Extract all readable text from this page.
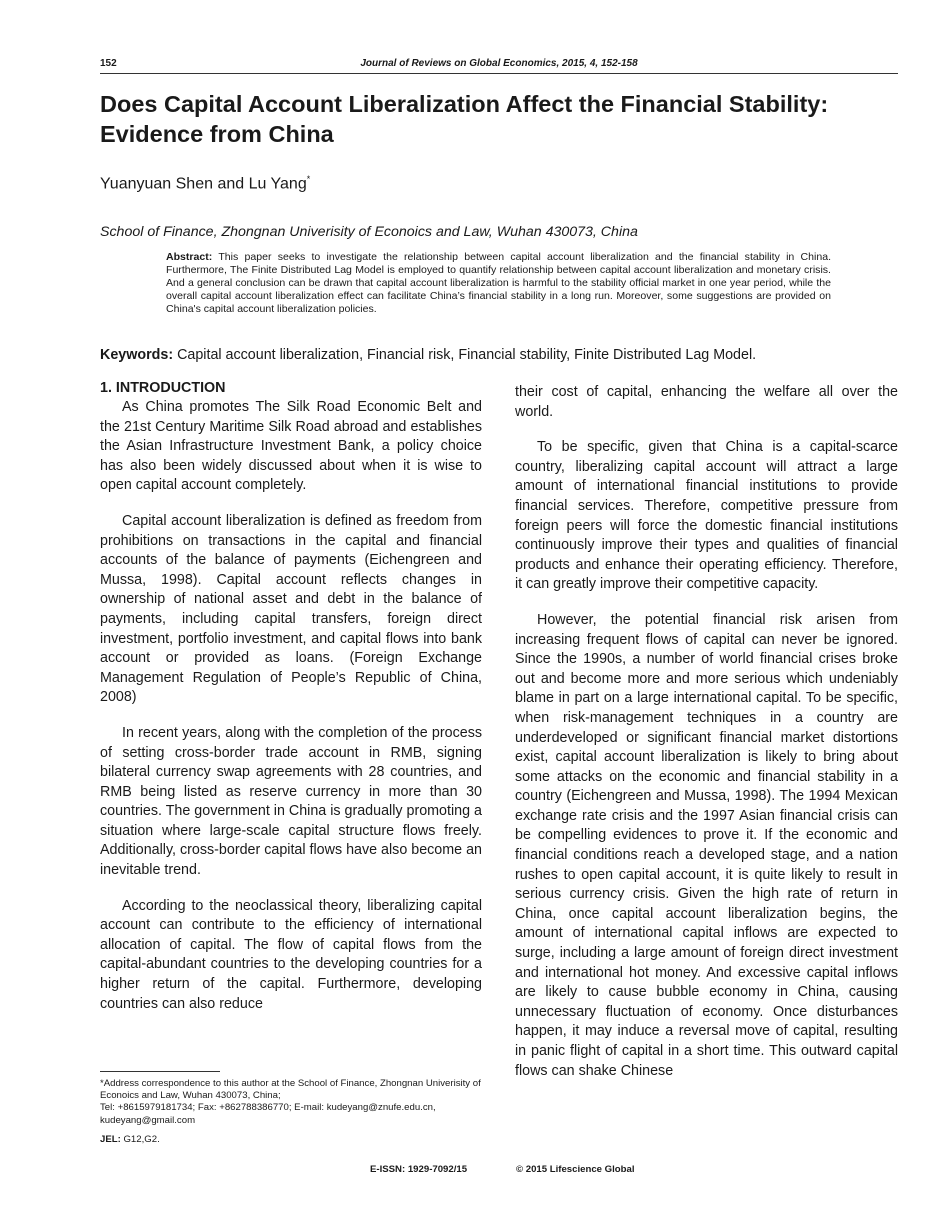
152	Journal of Reviews on Global Economics, 2015, 4, 152-158
Does Capital Account Liberalization Affect the Financial Stability: Evidence from China
Yuanyuan Shen and Lu Yang*
School of Finance, Zhongnan Univerisity of Econoics and Law, Wuhan 430073, China
Abstract: This paper seeks to investigate the relationship between capital account liberalization and the financial stability in China. Furthermore, The Finite Distributed Lag Model is employed to quantify relationship between capital account liberalization and monetary crisis. And a general conclusion can be drawn that capital account liberalization is harmful to the stability official market in one year period, while the overall capital account liberalization effect can facilitate China’s financial stability in a long run. Moreover, some suggestions are provided on China's capital account liberalization policies.
Keywords: Capital account liberalization, Financial risk, Financial stability, Finite Distributed Lag Model.
1. INTRODUCTION

As China promotes The Silk Road Economic Belt and the 21st Century Maritime Silk Road abroad and establishes the Asian Infrastructure Investment Bank, a policy choice has also been widely discussed about when it is wise to open capital account completely.

Capital account liberalization is defined as freedom from prohibitions on transactions in the capital and financial accounts of the balance of payments (Eichengreen and Mussa, 1998). Capital account reflects changes in ownership of national asset and debt in the balance of payments, including capital transfers, foreign direct investment, portfolio investment, and capital flows into bank account or provided as loans. (Foreign Exchange Management Regulation of People’s Republic of China, 2008)

In recent years, along with the completion of the process of setting cross-border trade account in RMB, signing bilateral currency swap agreements with 28 countries, and RMB being listed as reserve currency in more than 30 countries. The government in China is gradually promoting a situation where large-scale capital structure flows freely. Additionally, cross-border capital flows have also become an inevitable trend.

According to the neoclassical theory, liberalizing capital account can contribute to the efficiency of international allocation of capital. The flow of capital flows from the capital-abundant countries to the developing countries for a higher return of the capital. Furthermore, developing countries can also reduce

their cost of capital, enhancing the welfare all over the world.

To be specific, given that China is a capital-scarce country, liberalizing capital account will attract a large amount of international financial institutions to provide financial services. Therefore, competitive pressure from foreign peers will force the domestic financial institutions continuously improve their types and qualities of financial products and enhance their operating efficiency. Therefore, it can greatly improve their competitive capacity.

However, the potential financial risk arisen from increasing frequent flows of capital can never be ignored. Since the 1990s, a number of world financial crises broke out and become more and more serious which undeniably blame in part on a large international capital. To be specific, when risk-management techniques in a country are underdeveloped or significant financial market distortions exist, capital account liberalization is likely to bring about some attacks on the economic and financial stability in a country (Eichengreen and Mussa, 1998). The 1994 Mexican exchange rate crisis and the 1997 Asian financial crisis can be compelling evidences to prove it. If the economic and financial conditions reach a developed stage, and a nation rushes to open capital account, it is quite likely to result in serious currency crisis. Given the high rate of return in China, once capital account liberalization begins, the amount of international capital inflows are expected to surge, including a large amount of foreign direct investment and international hot money. And excessive capital inflows are likely to cause bubble economy in China, causing unnecessary fluctuation of economy. Once disturbances happen, it may induce a reversal move of capital, resulting in panic flight of capital in a short time. This outward capital flows can shake Chinese

*Address correspondence to this author at the School of Finance, Zhongnan Univerisity of Econoics and Law, Wuhan 430073, China;
Tel: +8615979181734; Fax: +862788386770; E-mail: kudeyang@znufe.edu.cn, kudeyang@gmail.com
JEL: G12,G2.
E-ISSN: 1929-7092/15	© 2015 Lifescience Global
